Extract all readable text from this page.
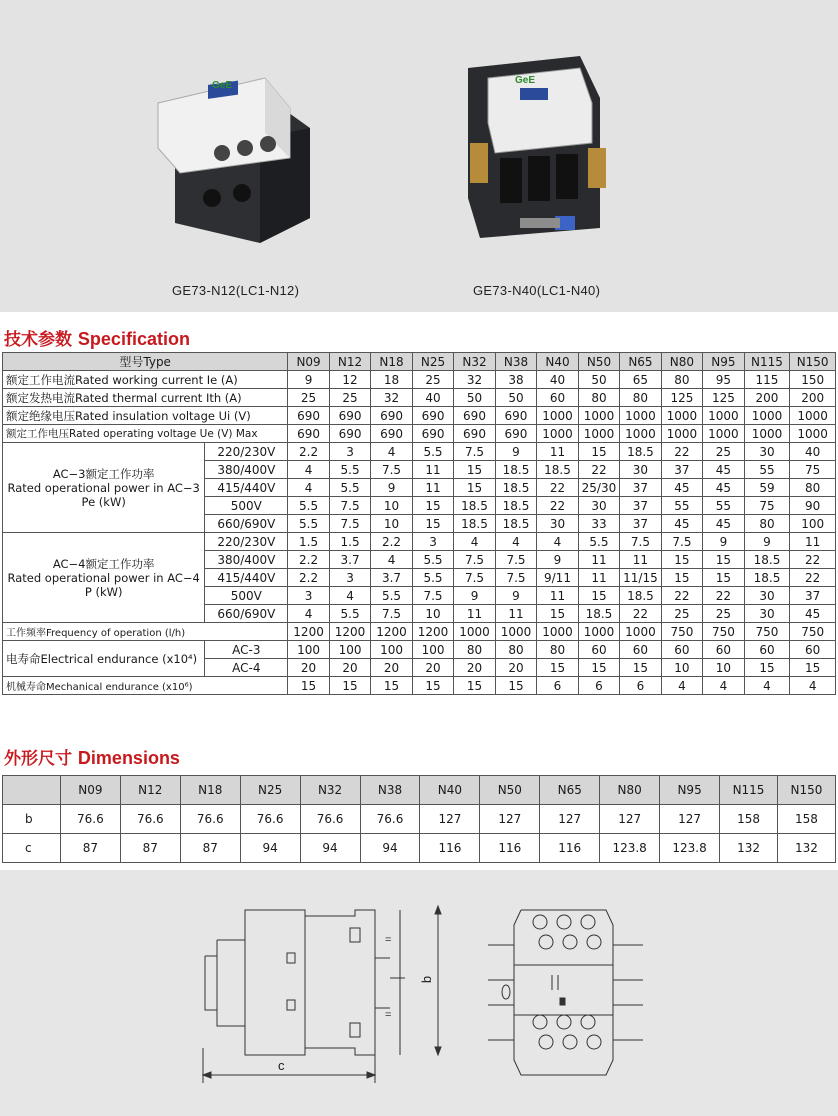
GeE
GE73-N12(LC1-N12)
GeE
GE73-N40(LC1-N40)
技术参数 Specification
型号Type		N09	N12	N18	N25	N32	N38	N40	N50	N65	N80	N95	N115	N150
额定工作电流Rated working current Ie (A)		9	12	18	25	32	38	40	50	65	80	95	115	150
额定发热电流Rated thermal current Ith (A)		25	25	32	40	50	50	60	80	80	125	125	200	200
额定绝缘电压Rated insulation voltage Ui (V)		690	690	690	690	690	690	1000	1000	1000	1000	1000	1000	1000
额定工作电压Rated operating voltage Ue (V) Max		690	690	690	690	690	690	1000	1000	1000	1000	1000	1000	1000

AC−3额定工作功率
Rated operational power in AC−3 Pe (kW)	220/230V	2.2	3	4	5.5	7.5	9	11	15	18.5	22	25	30	40
	380/400V	4	5.5	7.5	11	15	18.5	18.5	22	30	37	45	55	75
	415/440V	4	5.5	9	11	15	18.5	22	25/30	37	45	45	59	80
	500V	5.5	7.5	10	15	18.5	18.5	22	30	37	55	55	75	90
	660/690V	5.5	7.5	10	15	18.5	18.5	30	33	37	45	45	80	100

AC−4额定工作功率
Rated operational power in AC−4 P (kW)	220/230V	1.5	1.5	2.2	3	4	4	4	5.5	7.5	7.5	9	9	11
	380/400V	2.2	3.7	4	5.5	7.5	7.5	9	11	11	15	15	18.5	22
	415/440V	2.2	3	3.7	5.5	7.5	7.5	9/11	11	11/15	15	15	18.5	22
	500V	3	4	5.5	7.5	9	9	11	15	18.5	22	22	30	37
	660/690V	4	5.5	7.5	10	11	11	15	18.5	22	25	25	30	45
工作频率Frequency of operation (l/h)		1200	1200	1200	1200	1000	1000	1000	1000	1000	750	750	750	750
电寿命Electrical endurance (x10⁴)	AC-3	100	100	100	100	80	80	80	60	60	60	60	60	60
	AC-4	20	20	20	20	20	20	15	15	15	10	10	15	15
机械寿命Mechanical endurance (x10⁶)		15	15	15	15	15	15	6	6	6	4	4	4	4
外形尺寸 Dimensions
	N09	N12	N18	N25	N32	N38	N40	N50	N65	N80	N95	N115	N150
b	76.6	76.6	76.6	76.6	76.6	76.6	127	127	127	127	127	158	158
c	87	87	87	94	94	94	116	116	116	123.8	123.8	132	132
=
=
b
c
